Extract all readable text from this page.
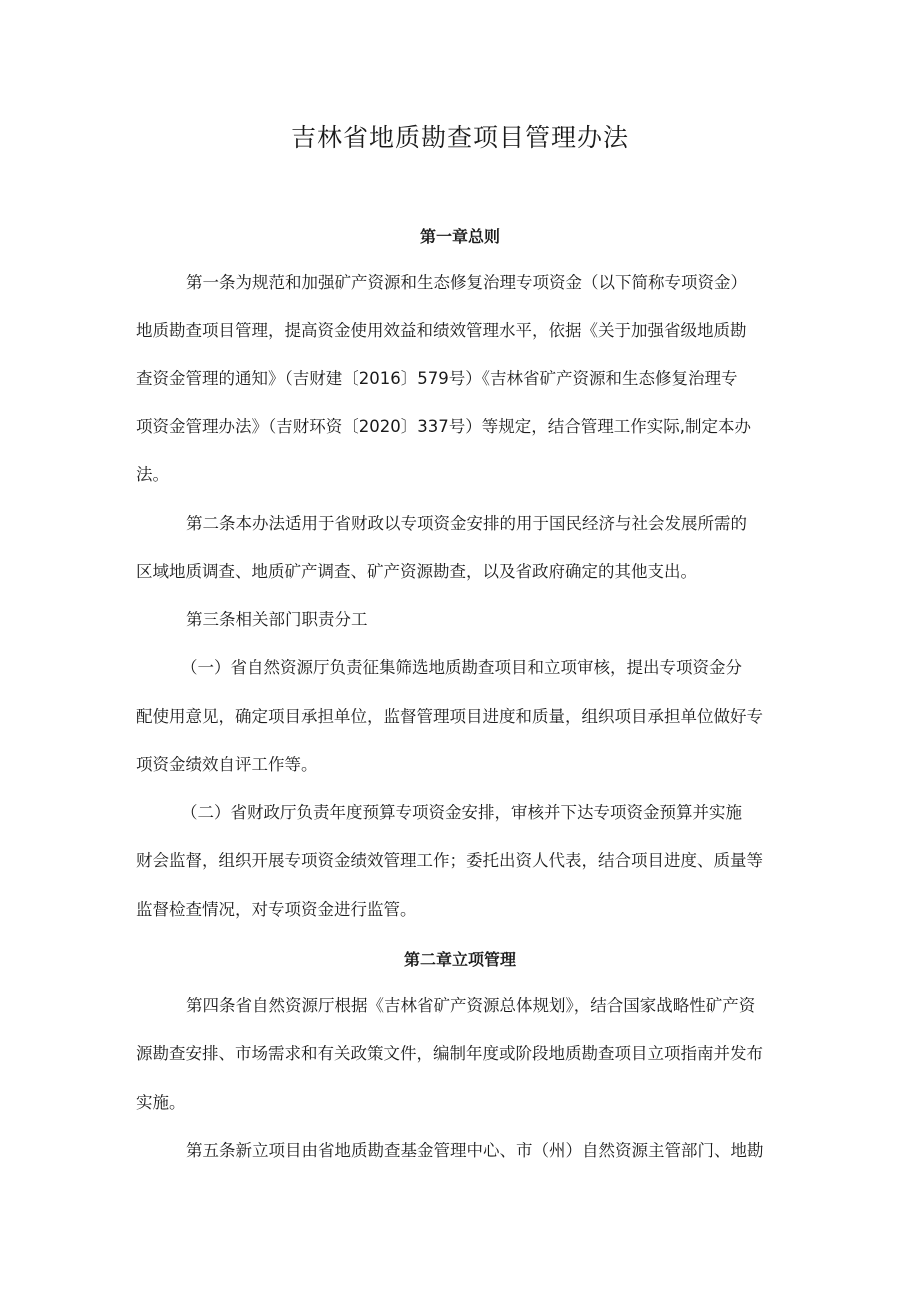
吉林省地质勘查项目管理办法
第一章总则
第一条为规范和加强矿产资源和生态修复治理专项资金（以下简称专项资金）
地质勘查项目管理，提高资金使用效益和绩效管理水平，依据《关于加强省级地质勘
查资金管理的通知》（吉财建〔2016〕579号）《吉林省矿产资源和生态修复治理专
项资金管理办法》（吉财环资〔2020〕337号）等规定，结合管理工作实际,制定本办
法。
第二条本办法适用于省财政以专项资金安排的用于国民经济与社会发展所需的
区域地质调查、地质矿产调查、矿产资源勘查，以及省政府确定的其他支出。
第三条相关部门职责分工
（一）省自然资源厅负责征集筛选地质勘查项目和立项审核，提出专项资金分
配使用意见，确定项目承担单位，监督管理项目进度和质量，组织项目承担单位做好专
项资金绩效自评工作等。
（二）省财政厅负责年度预算专项资金安排，审核并下达专项资金预算并实施
财会监督，组织开展专项资金绩效管理工作；委托出资人代表，结合项目进度、质量等
监督检查情况，对专项资金进行监管。
第二章立项管理
第四条省自然资源厅根据《吉林省矿产资源总体规划》，结合国家战略性矿产资
源勘查安排、市场需求和有关政策文件，编制年度或阶段地质勘查项目立项指南并发布
实施。
第五条新立项目由省地质勘查基金管理中心、市（州）自然资源主管部门、地勘
